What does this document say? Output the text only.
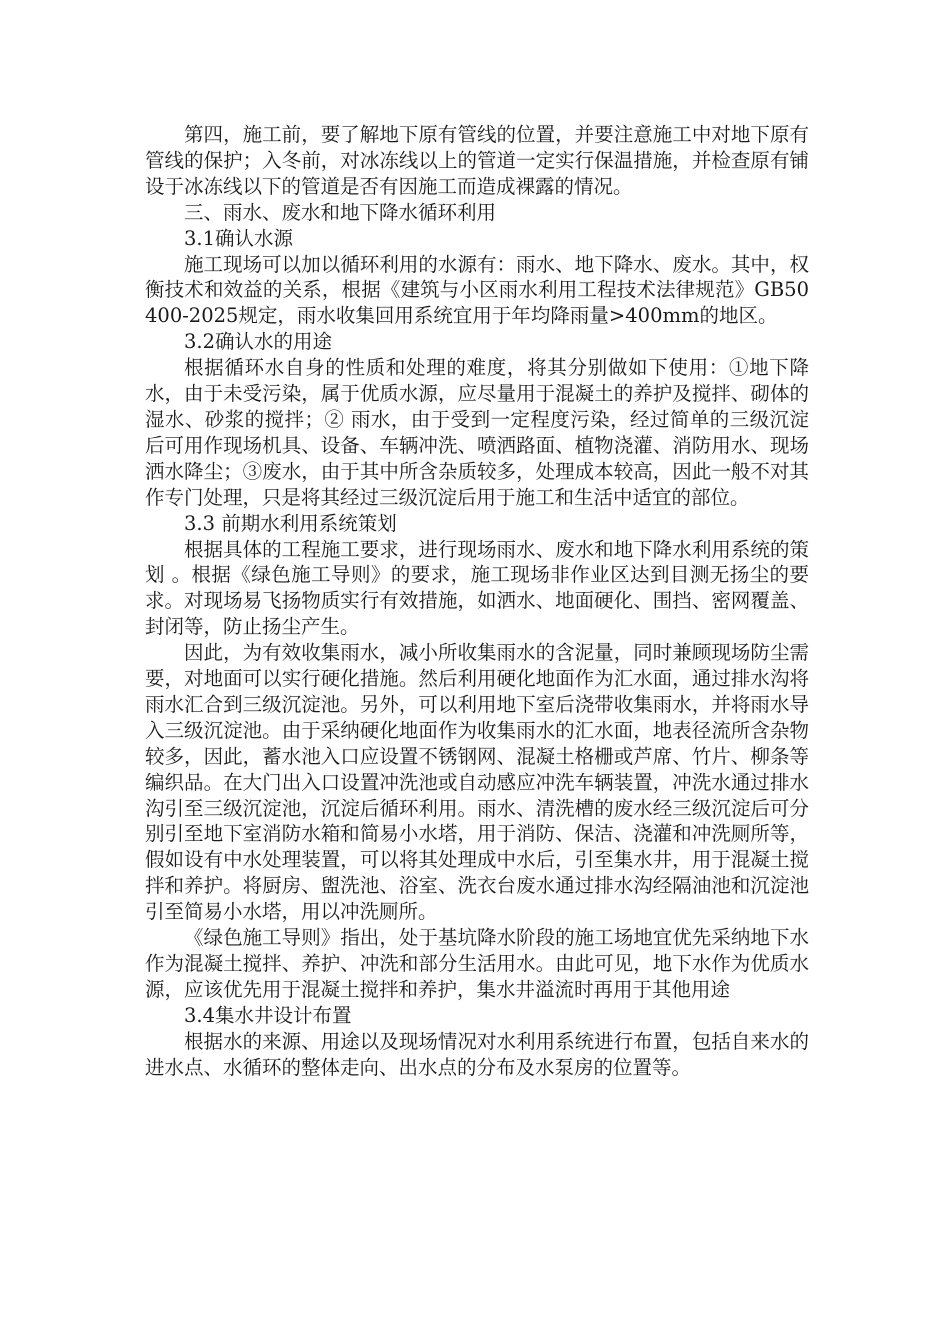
第四，施工前，要了解地下原有管线的位置，并要注意施工中对地下原有管线的保护；入冬前，对冰冻线以上的管道一定实行保温措施，并检查原有铺设于冰冻线以下的管道是否有因施工而造成裸露的情况。

三、雨水、废水和地下降水循环利用

3.1确认水源

施工现场可以加以循环利用的水源有：雨水、地下降水、废水。其中，权衡技术和效益的关系，根据《建筑与小区雨水利用工程技术法律规范》GB50400-2025规定，雨水收集回用系统宜用于年均降雨量>400mm的地区。

3.2确认水的用途

根据循环水自身的性质和处理的难度，将其分别做如下使用：①地下降水，由于未受污染，属于优质水源，应尽量用于混凝土的养护及搅拌、砌体的湿水、砂浆的搅拌；② 雨水，由于受到一定程度污染，经过简单的三级沉淀后可用作现场机具、设备、车辆冲洗、喷洒路面、植物浇灌、消防用水、现场洒水降尘；③废水，由于其中所含杂质较多，处理成本较高，因此一般不对其作专门处理，只是将其经过三级沉淀后用于施工和生活中适宜的部位。

3.3 前期水利用系统策划

根据具体的工程施工要求，进行现场雨水、废水和地下降水利用系统的策划 。根据《绿色施工导则》的要求，施工现场非作业区达到目测无扬尘的要求。对现场易飞扬物质实行有效措施，如洒水、地面硬化、围挡、密网覆盖、封闭等，防止扬尘产生。

因此，为有效收集雨水，减小所收集雨水的含泥量，同时兼顾现场防尘需要，对地面可以实行硬化措施。然后利用硬化地面作为汇水面，通过排水沟将雨水汇合到三级沉淀池。另外，可以利用地下室后浇带收集雨水，并将雨水导入三级沉淀池。由于采纳硬化地面作为收集雨水的汇水面，地表径流所含杂物较多，因此，蓄水池入口应设置不锈钢网、混凝土格栅或芦席、竹片、柳条等编织品。在大门出入口设置冲洗池或自动感应冲洗车辆装置，冲洗水通过排水沟引至三级沉淀池，沉淀后循环利用。雨水、清洗槽的废水经三级沉淀后可分别引至地下室消防水箱和简易小水塔，用于消防、保洁、浇灌和冲洗厕所等，假如设有中水处理装置，可以将其处理成中水后，引至集水井，用于混凝土搅拌和养护。将厨房、盥洗池、浴室、洗衣台废水通过排水沟经隔油池和沉淀池引至简易小水塔，用以冲洗厕所。

《绿色施工导则》指出，处于基坑降水阶段的施工场地宜优先采纳地下水作为混凝土搅拌、养护、冲洗和部分生活用水。由此可见，地下水作为优质水源，应该优先用于混凝土搅拌和养护，集水井溢流时再用于其他用途

3.4集水井设计布置

根据水的来源、用途以及现场情况对水利用系统进行布置，包括自来水的进水点、水循环的整体走向、出水点的分布及水泵房的位置等。
